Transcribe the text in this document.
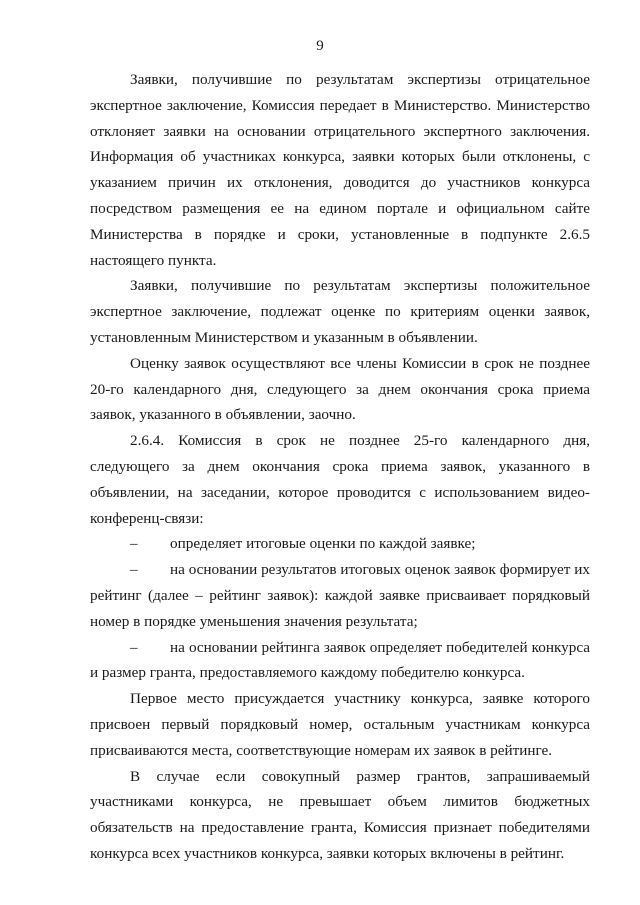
9

Заявки, получившие по результатам экспертизы отрицательное экспертное заключение, Комиссия передает в Министерство. Министерство отклоняет заявки на основании отрицательного экспертного заключения. Информация об участниках конкурса, заявки которых были отклонены, с указанием причин их отклонения, доводится до участников конкурса посредством размещения ее на едином портале и официальном сайте Министерства в порядке и сроки, установленные в подпункте 2.6.5 настоящего пункта.

Заявки, получившие по результатам экспертизы положительное экспертное заключение, подлежат оценке по критериям оценки заявок, установленным Министерством и указанным в объявлении.

Оценку заявок осуществляют все члены Комиссии в срок не позднее 20-го календарного дня, следующего за днем окончания срока приема заявок, указанного в объявлении, заочно.

2.6.4. Комиссия в срок не позднее 25-го календарного дня, следующего за днем окончания срока приема заявок, указанного в объявлении, на заседании, которое проводится с использованием видео-конференц-связи:

– определяет итоговые оценки по каждой заявке;

– на основании результатов итоговых оценок заявок формирует их рейтинг (далее – рейтинг заявок): каждой заявке присваивает порядковый номер в порядке уменьшения значения результата;

– на основании рейтинга заявок определяет победителей конкурса и размер гранта, предоставляемого каждому победителю конкурса.

Первое место присуждается участнику конкурса, заявке которого присвоен первый порядковый номер, остальным участникам конкурса присваиваются места, соответствующие номерам их заявок в рейтинге.

В случае если совокупный размер грантов, запрашиваемый участниками конкурса, не превышает объем лимитов бюджетных обязательств на предоставление гранта, Комиссия признает победителями конкурса всех участников конкурса, заявки которых включены в рейтинг.
